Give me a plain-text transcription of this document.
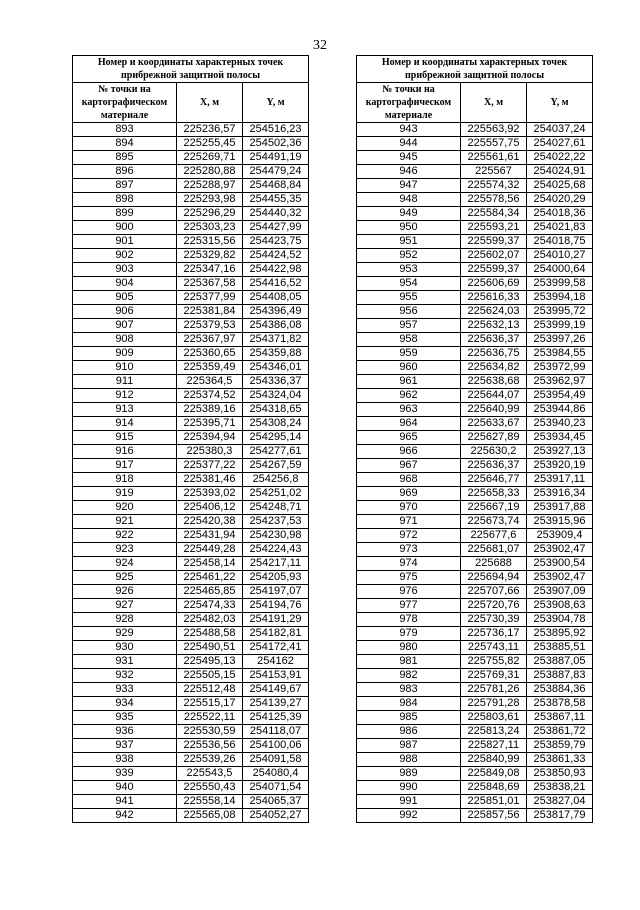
32
Номер и координаты характерных точек прибрежной защитной полосы		
№ точки на картографическом материале	X, м	Y, м
893	225236,57	254516,23
894	225255,45	254502,36
895	225269,71	254491,19
896	225280,88	254479,24
897	225288,97	254468,84
898	225293,98	254455,35
899	225296,29	254440,32
900	225303,23	254427,99
901	225315,56	254423,75
902	225329,82	254424,52
903	225347,16	254422,98
904	225367,58	254416,52
905	225377,99	254408,05
906	225381,84	254396,49
907	225379,53	254386,08
908	225367,97	254371,82
909	225360,65	254359,88
910	225359,49	254346,01
911	225364,5	254336,37
912	225374,52	254324,04
913	225389,16	254318,65
914	225395,71	254308,24
915	225394,94	254295,14
916	225380,3	254277,61
917	225377,22	254267,59
918	225381,46	254256,8
919	225393,02	254251,02
920	225406,12	254248,71
921	225420,38	254237,53
922	225431,94	254230,98
923	225449,28	254224,43
924	225458,14	254217,11
925	225461,22	254205,93
926	225465,85	254197,07
927	225474,33	254194,76
928	225482,03	254191,29
929	225488,58	254182,81
930	225490,51	254172,41
931	225495,13	254162
932	225505,15	254153,91
933	225512,48	254149,67
934	225515,17	254139,27
935	225522,11	254125,39
936	225530,59	254118,07
937	225536,56	254100,06
938	225539,26	254091,58
939	225543,5	254080,4
940	225550,43	254071,54
941	225558,14	254065,37
942	225565,08	254052,27
Номер и координаты характерных точек прибрежной защитной полосы		
№ точки на картографическом материале	X, м	Y, м
943	225563,92	254037,24
944	225557,75	254027,61
945	225561,61	254022,22
946	225567	254024,91
947	225574,32	254025,68
948	225578,56	254020,29
949	225584,34	254018,36
950	225593,21	254021,83
951	225599,37	254018,75
952	225602,07	254010,27
953	225599,37	254000,64
954	225606,69	253999,58
955	225616,33	253994,18
956	225624,03	253995,72
957	225632,13	253999,19
958	225636,37	253997,26
959	225636,75	253984,55
960	225634,82	253972,99
961	225638,68	253962,97
962	225644,07	253954,49
963	225640,99	253944,86
964	225633,67	253940,23
965	225627,89	253934,45
966	225630,2	253927,13
967	225636,37	253920,19
968	225646,77	253917,11
969	225658,33	253916,34
970	225667,19	253917,88
971	225673,74	253915,96
972	225677,6	253909,4
973	225681,07	253902,47
974	225688	253900,54
975	225694,94	253902,47
976	225707,66	253907,09
977	225720,76	253908,63
978	225730,39	253904,78
979	225736,17	253895,92
980	225743,11	253885,51
981	225755,82	253887,05
982	225769,31	253887,83
983	225781,26	253884,36
984	225791,28	253878,58
985	225803,61	253867,11
986	225813,24	253861,72
987	225827,11	253859,79
988	225840,99	253861,33
989	225849,08	253850,93
990	225848,69	253838,21
991	225851,01	253827,04
992	225857,56	253817,79
